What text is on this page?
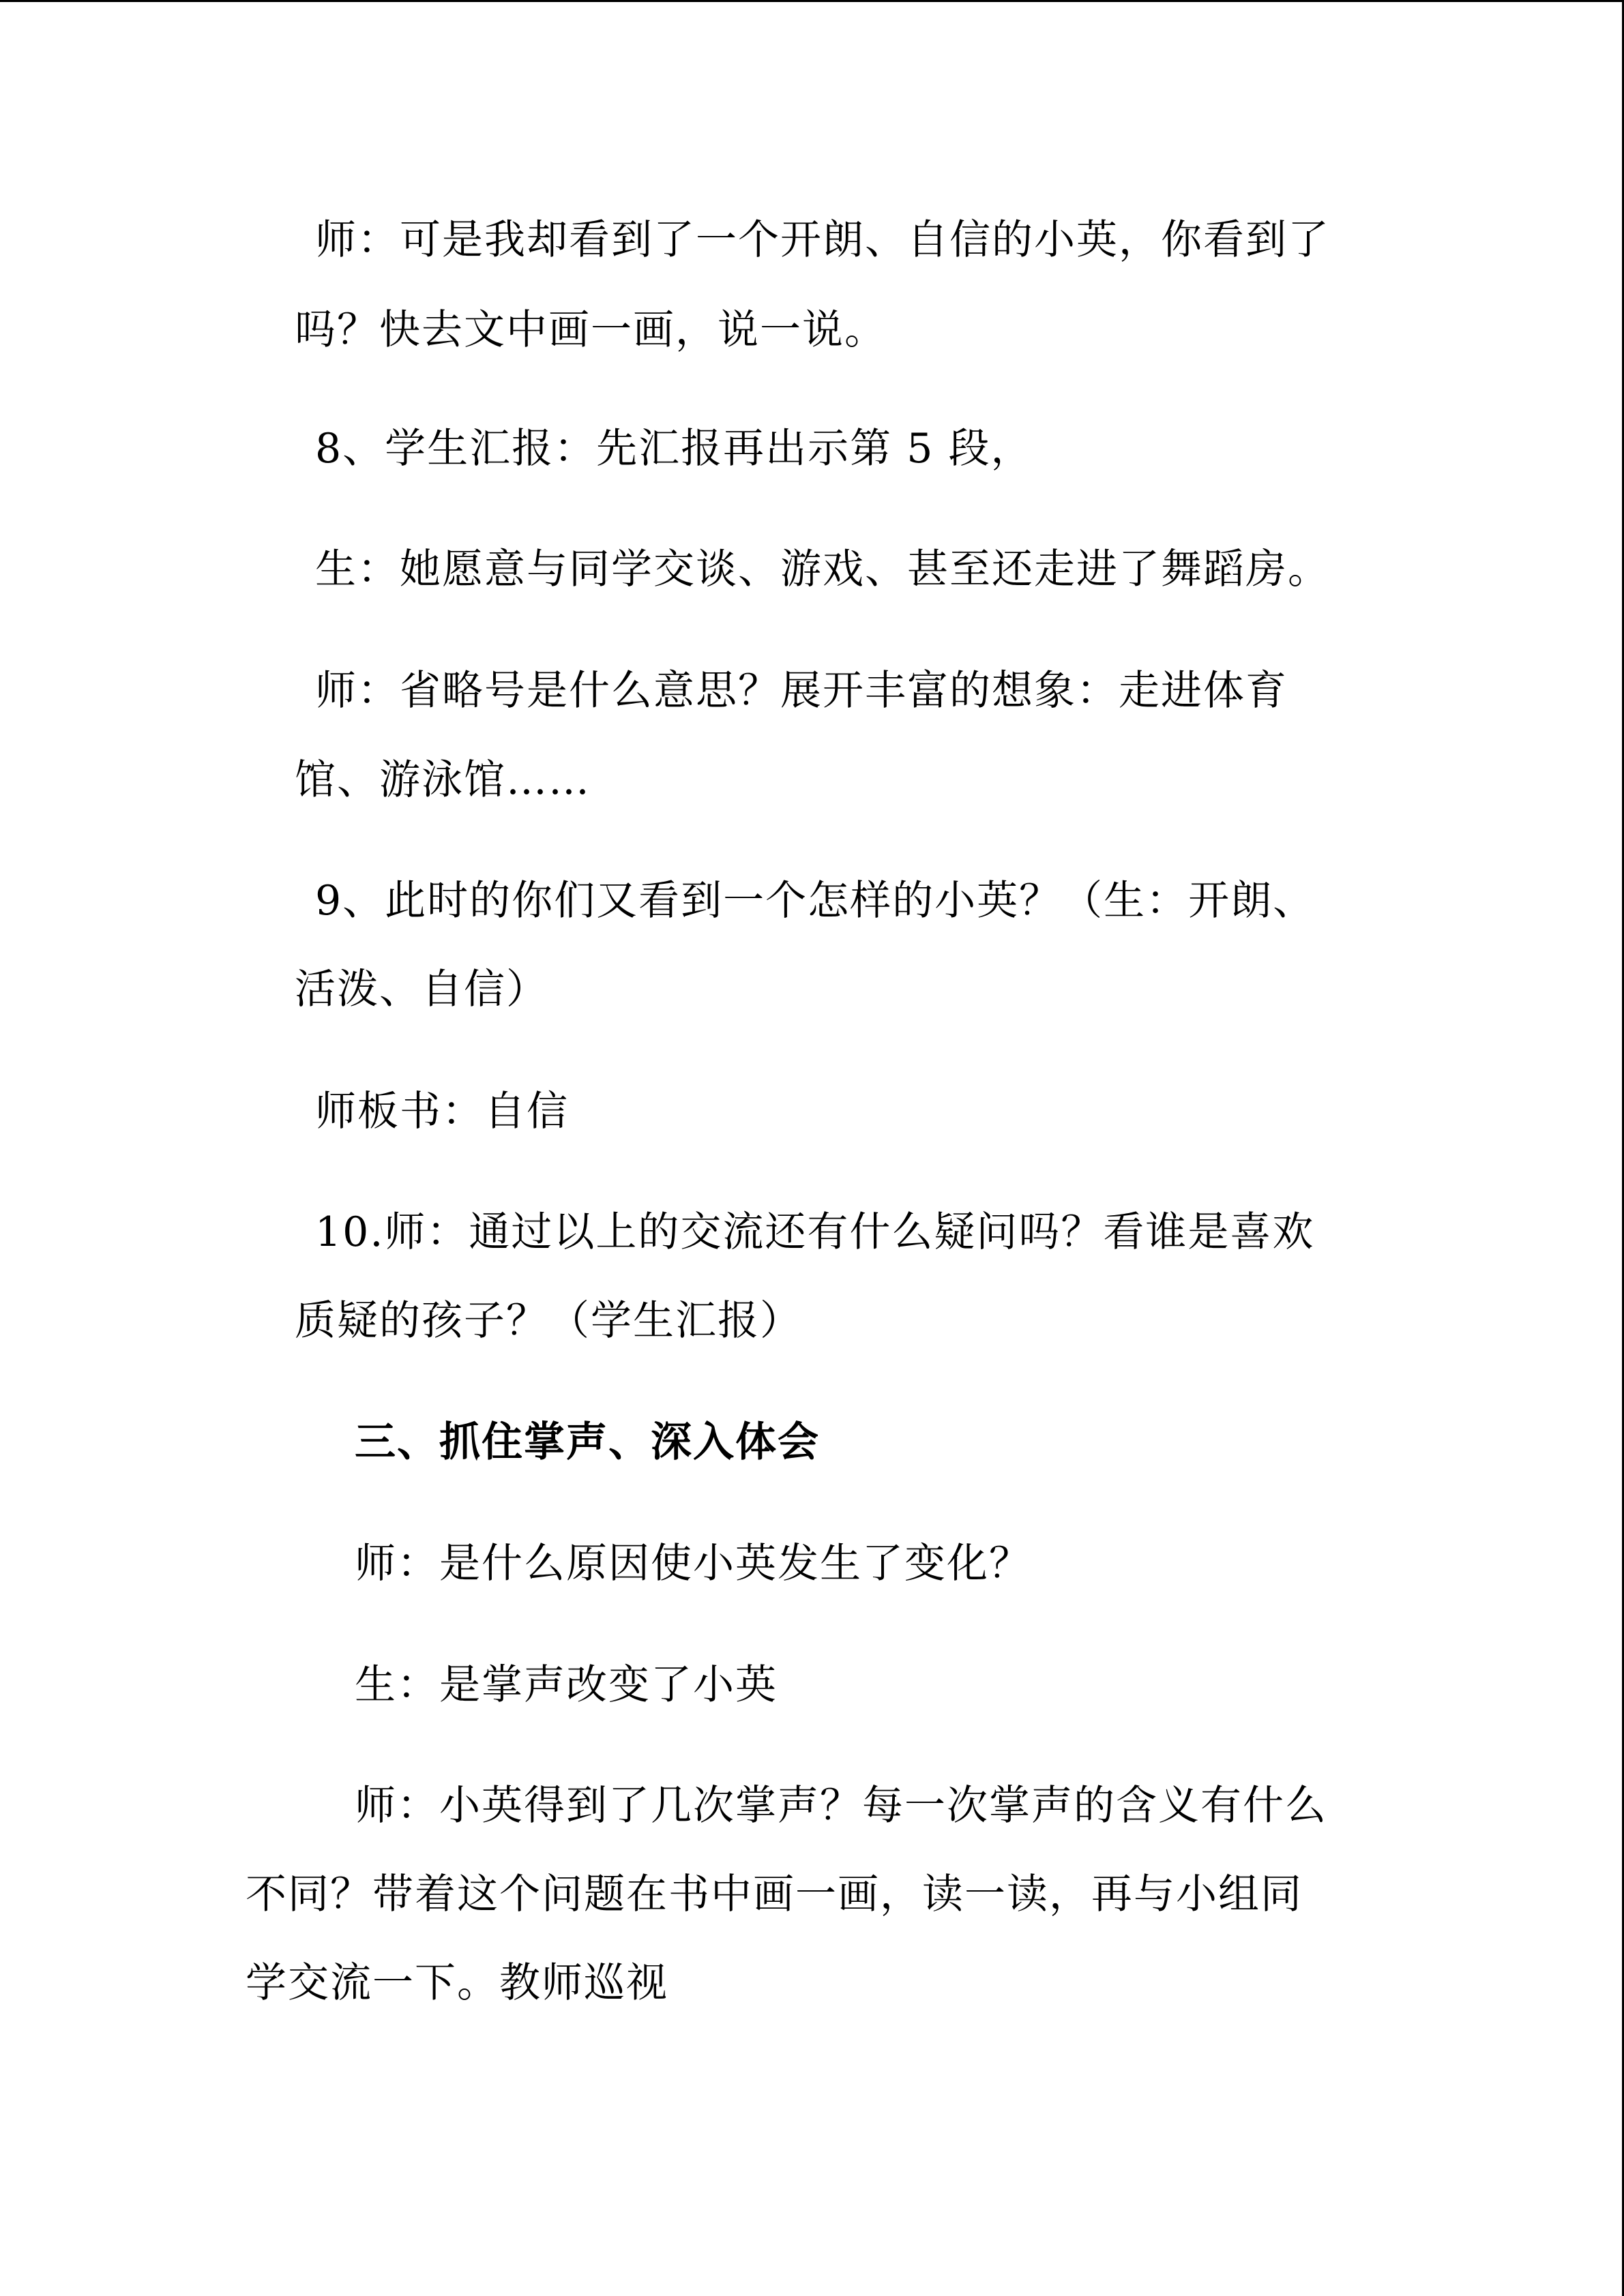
师：可是我却看到了一个开朗、自信的小英，你看到了

吗？快去文中画一画，说一说。

8、学生汇报：先汇报再出示第 5 段，

生：她愿意与同学交谈、游戏、甚至还走进了舞蹈房。

师：省略号是什么意思？展开丰富的想象：走进体育

馆、游泳馆……

9、此时的你们又看到一个怎样的小英？（生：开朗、

活泼、自信）

师板书：自信

10.师：通过以上的交流还有什么疑问吗？看谁是喜欢

质疑的孩子？（学生汇报）

三、抓住掌声、深入体会

师：是什么原因使小英发生了变化？

生：是掌声改变了小英

师：小英得到了几次掌声？每一次掌声的含义有什么

不同？带着这个问题在书中画一画，读一读，再与小组同

学交流一下。教师巡视
